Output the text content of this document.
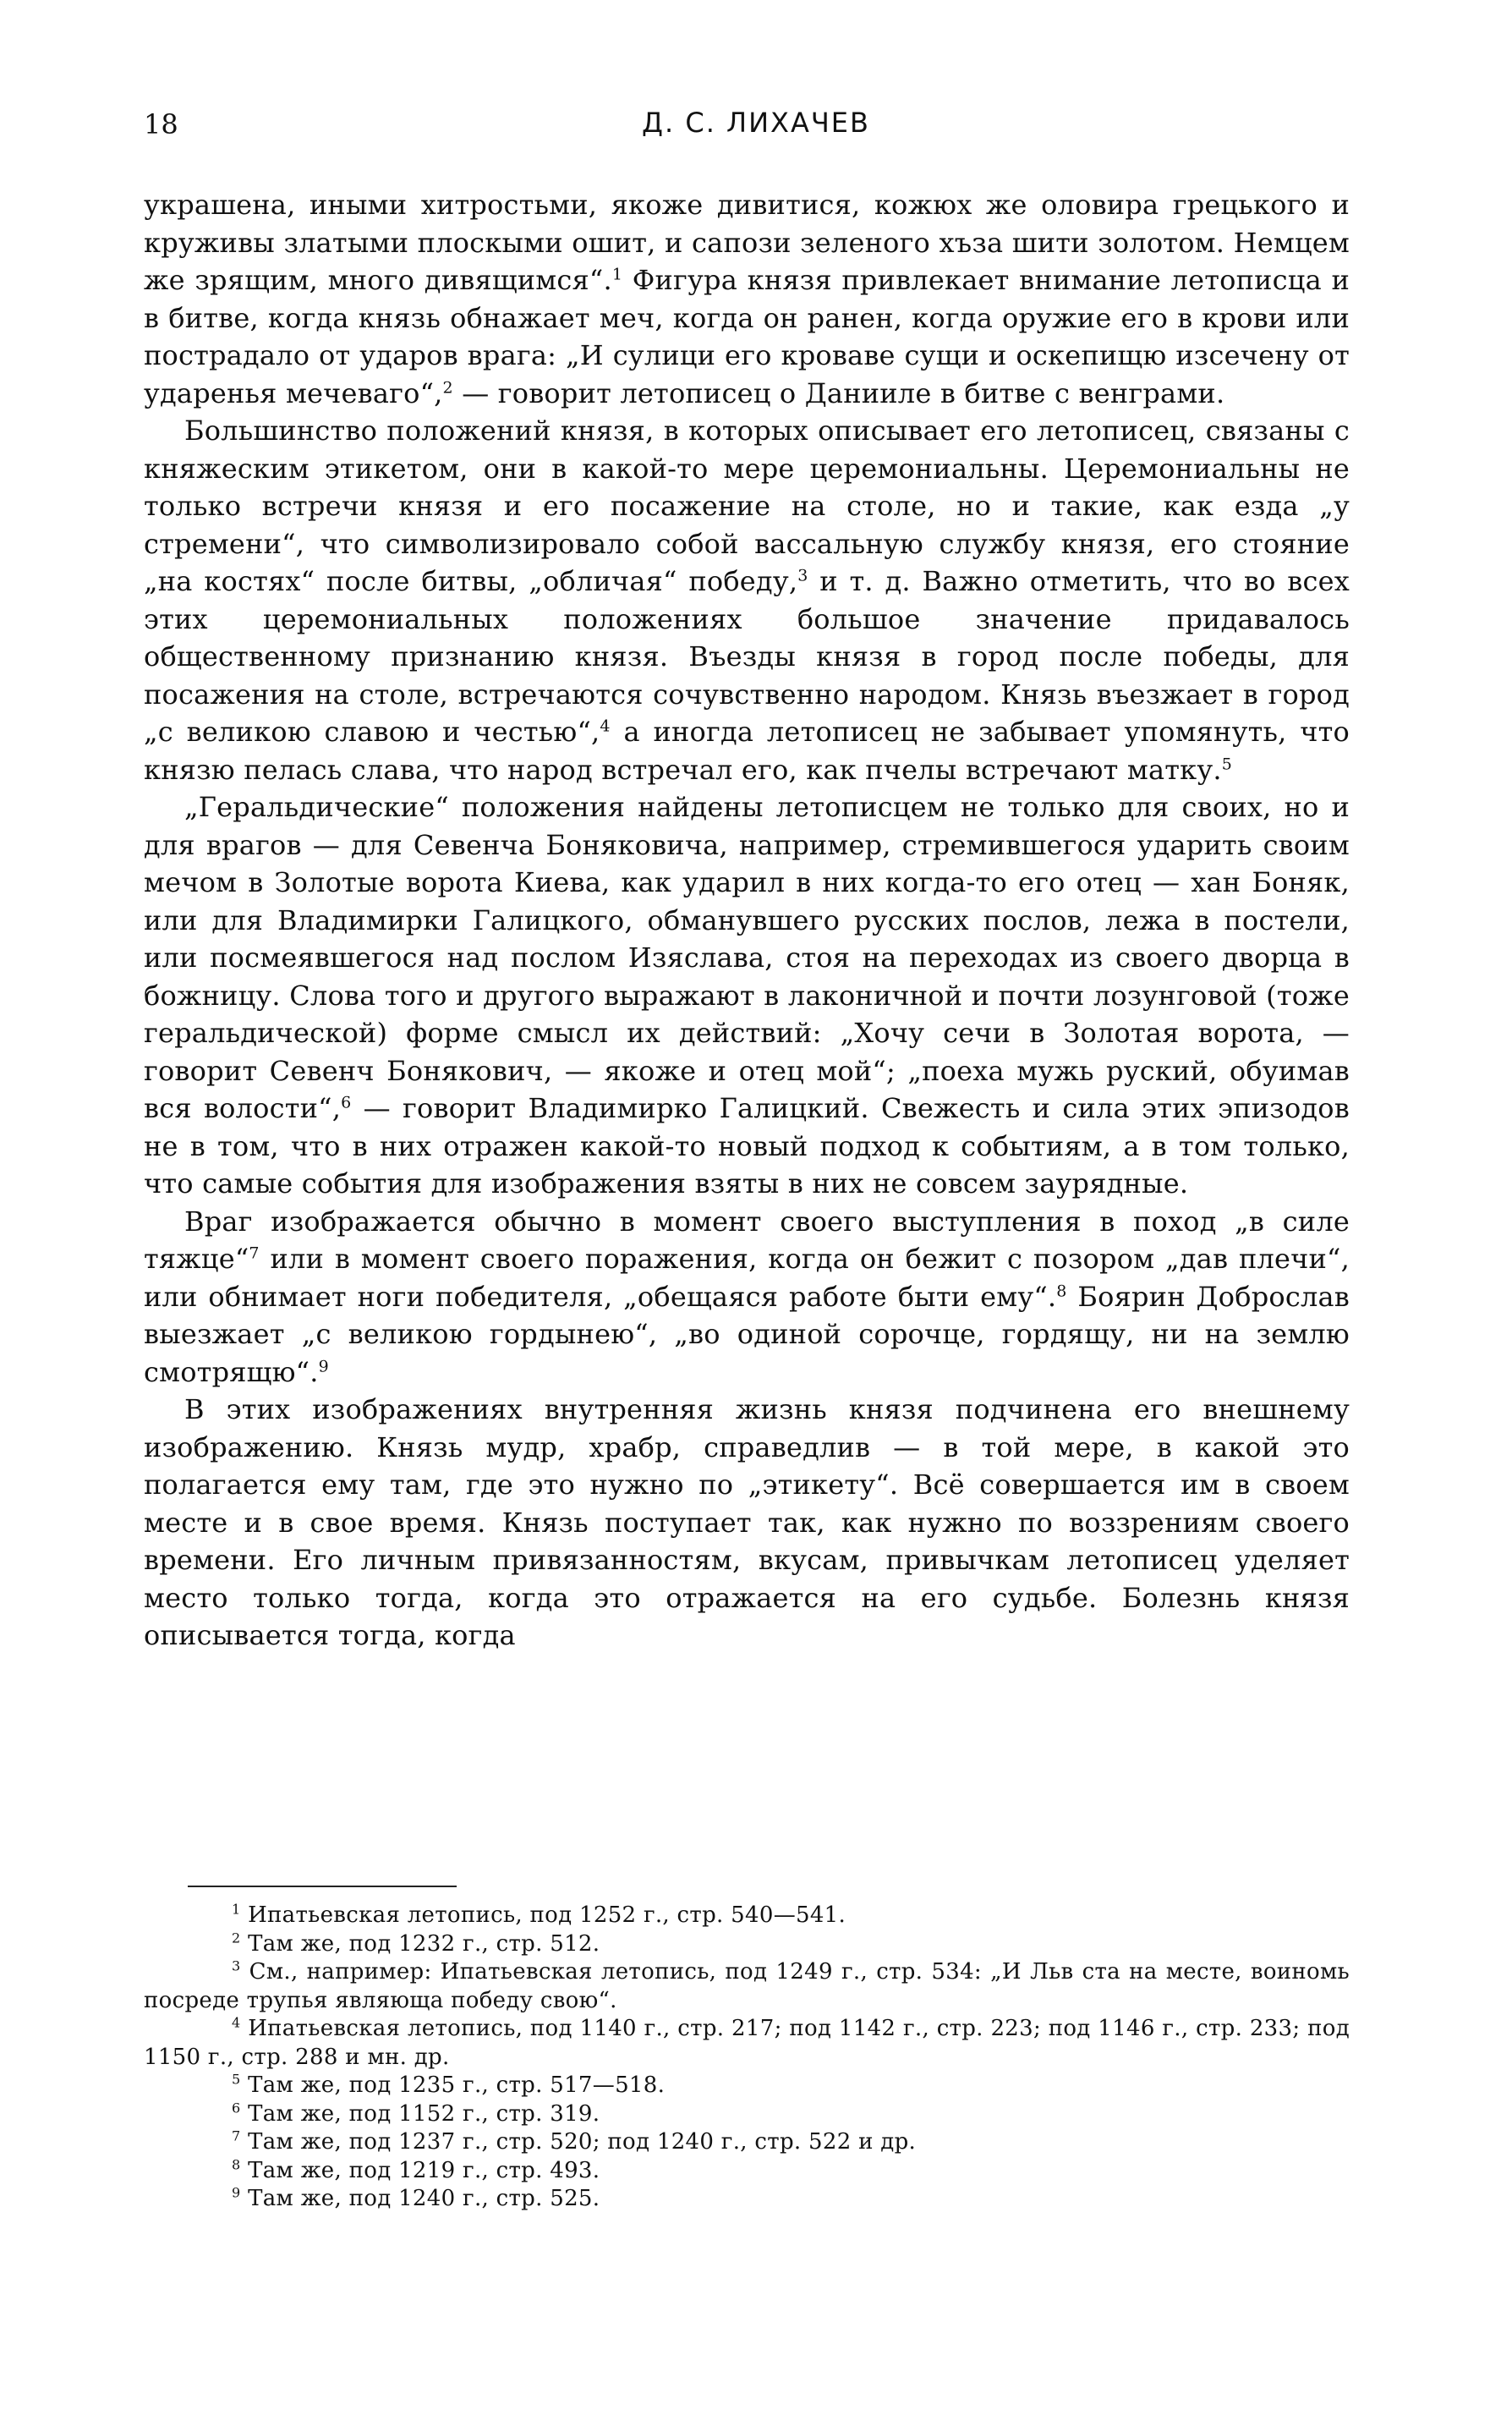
18	Д. С. ЛИХАЧЕВ

украшена, иными хитростьми, якоже дивитися, кожюх же оловира грецького и круживы златыми плоскыми ошит, и сапози зеленого хъза шити золотом. Немцем же зрящим, много дивящимся“.$^1$ Фигура князя привлекает внимание летописца и в битве, когда князь обнажает меч, когда он ранен, когда оружие его в крови или пострадало от ударов врага: „И сулици его кроваве сущи и оскепищю изсечену от ударенья мечеваго“,$^2$ — говорит летописец о Данииле в битве с венграми.

Большинство положений князя, в которых описывает его летописец, связаны с княжеским этикетом, они в какой-то мере церемониальны. Церемониальны не только встречи князя и его посажение на столе, но и такие, как езда „у стремени“, что символизировало собой вассальную службу князя, его стояние „на костях“ после битвы, „обличая“ победу,$^3$ и т. д. Важно отметить, что во всех этих церемониальных положениях большое значение придавалось общественному признанию князя. Въезды князя в город после победы, для посажения на столе, встречаются сочувственно народом. Князь въезжает в город „с великою славою и честью“,$^4$ а иногда летописец не забывает упомянуть, что князю пелась слава, что народ встречал его, как пчелы встречают матку.$^5$

„Геральдические“ положения найдены летописцем не только для своих, но и для врагов — для Севенча Боняковича, например, стремившегося ударить своим мечом в Золотые ворота Киева, как ударил в них когда-то его отец — хан Боняк, или для Владимирки Галицкого, обманувшего русских послов, лежа в постели, или посмеявшегося над послом Изяслава, стоя на переходах из своего дворца в божницу. Слова того и другого выражают в лаконичной и почти лозунговой (тоже геральдической) форме смысл их действий: „Хочу сечи в Золотая ворота, — говорит Севенч Бонякович, — якоже и отец мой“; „поеха мужь руский, обуимав вся волости“,$^6$ — говорит Владимирко Галицкий. Свежесть и сила этих эпизодов не в том, что в них отражен какой-то новый подход к событиям, а в том только, что самые события для изображения взяты в них не совсем заурядные.

Враг изображается обычно в момент своего выступления в поход „в силе тяжце“$^7$ или в момент своего поражения, когда он бежит с позором „дав плечи“, или обнимает ноги победителя, „обещаяся работе быти ему“.$^8$ Боярин Доброслав выезжает „с великою гордынею“, „во одиной сорочце, гордящу, ни на землю смотрящю“.$^9$

В этих изображениях внутренняя жизнь князя подчинена его внешнему изображению. Князь мудр, храбр, справедлив — в той мере, в какой это полагается ему там, где это нужно по „этикету“. Всё совершается им в своем месте и в свое время. Князь поступает так, как нужно по воззрениям своего времени. Его личным привязанностям, вкусам, привычкам летописец уделяет место только тогда, когда это отражается на его судьбе. Болезнь князя описывается тогда, когда

$^1$ Ипатьевская летопись, под 1252 г., стр. 540—541.

$^2$ Там же, под 1232 г., стр. 512.

$^3$ См., например: Ипатьевская летопись, под 1249 г., стр. 534: „И Льв ста на месте, воиномь посреде трупья являюща победу свою“.

$^4$ Ипатьевская летопись, под 1140 г., стр. 217; под 1142 г., стр. 223; под 1146 г., стр. 233; под 1150 г., стр. 288 и мн. др.

$^5$ Там же, под 1235 г., стр. 517—518.

$^6$ Там же, под 1152 г., стр. 319.

$^7$ Там же, под 1237 г., стр. 520; под 1240 г., стр. 522 и др.

$^8$ Там же, под 1219 г., стр. 493.

$^9$ Там же, под 1240 г., стр. 525.
